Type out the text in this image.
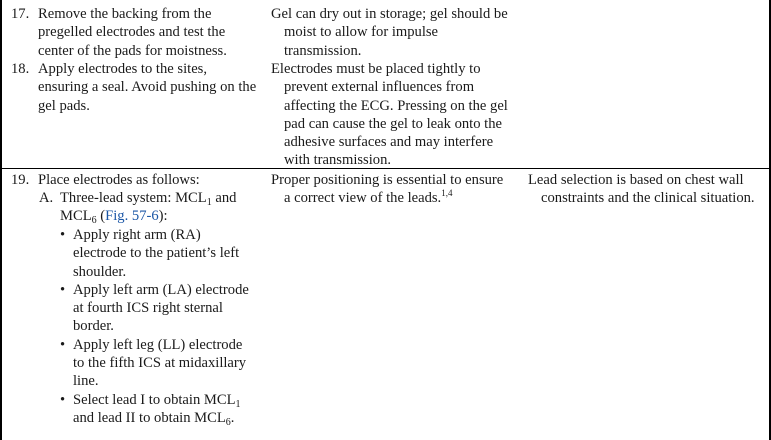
17. Remove the backing from the pregelled electrodes and test the center of the pads for moistness.
Gel can dry out in storage; gel should be moist to allow for impulse transmission.
18. Apply electrodes to the sites, ensuring a seal. Avoid pushing on the gel pads.
Electrodes must be placed tightly to prevent external influences from affecting the ECG. Pressing on the gel pad can cause the gel to leak onto the adhesive surfaces and may interfere with transmission.
19. Place electrodes as follows:
A. Three-lead system: $MCL_1$ and
$MCL_6$ (Fig. 57-6):
• Apply right arm (RA) electrode to the patient’s left shoulder.
• Apply left arm (LA) electrode at fourth ICS right sternal border.
• Apply left leg (LL) electrode to the fifth ICS at midaxillary line.
• Select lead I to obtain $MCL_1$
and lead II to obtain $MCL_6$.
Proper positioning is essential to ensure a correct view of the leads.$^{1,4}$
Lead selection is based on chest wall constraints and the clinical situation.
